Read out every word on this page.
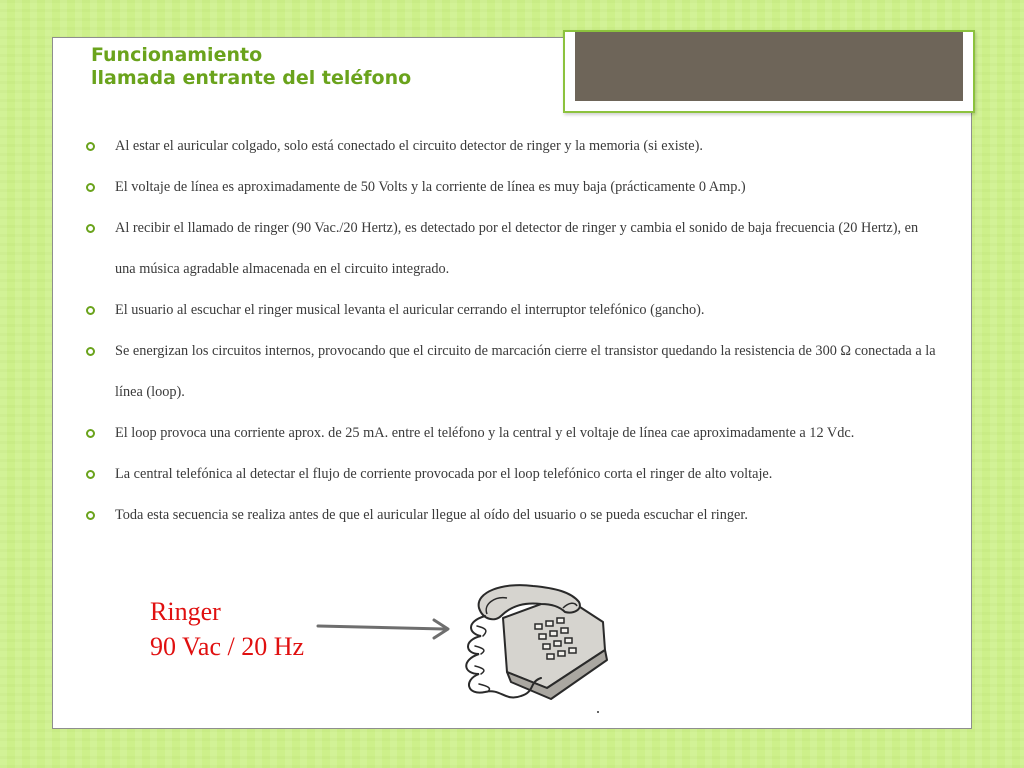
Funcionamiento
llamada entrante del teléfono
Al estar el auricular colgado, solo está conectado el circuito detector de ringer y la memoria (si existe).
El voltaje de línea es aproximadamente de 50 Volts y la corriente de línea es muy baja (prácticamente 0 Amp.)
Al recibir el llamado de ringer (90 Vac./20 Hertz), es detectado por el detector de ringer y cambia el sonido de baja frecuencia (20 Hertz), en una música agradable almacenada en el circuito integrado.
El usuario al escuchar el ringer musical levanta el auricular cerrando el interruptor telefónico (gancho).
Se energizan los circuitos internos, provocando que el circuito de marcación cierre el transistor quedando la resistencia de 300 Ω conectada a la línea (loop).
El loop provoca una corriente aprox. de 25 mA. entre el teléfono y la central y el voltaje de línea cae aproximadamente a 12 Vdc.
La central telefónica al detectar el flujo de corriente provocada por el loop telefónico corta el ringer de alto voltaje.
Toda esta secuencia se realiza antes de que el auricular llegue al oído del usuario o se pueda escuchar el ringer.
Ringer
90 Vac / 20 Hz
